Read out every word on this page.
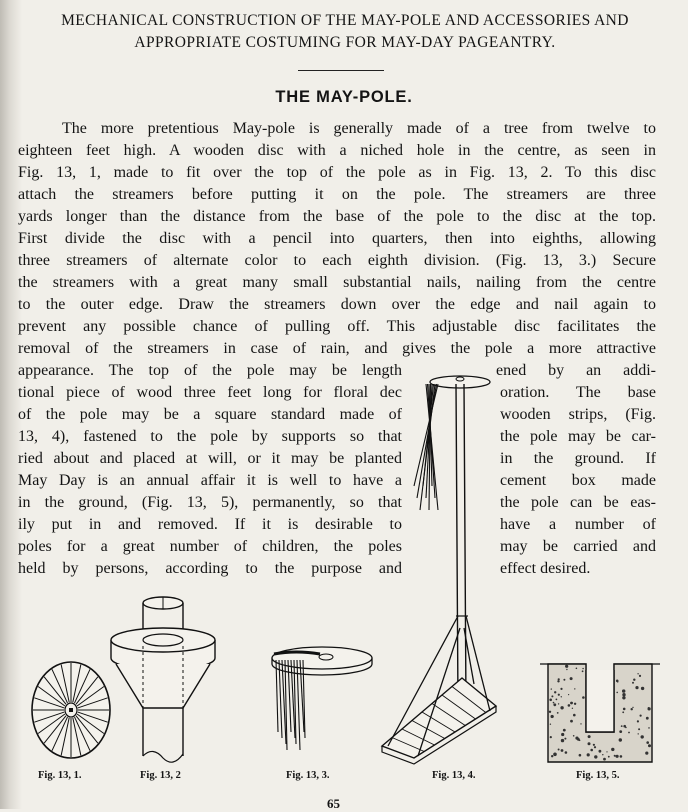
MECHANICAL CONSTRUCTION OF THE MAY-POLE AND ACCESSORIES AND
APPROPRIATE COSTUMING FOR MAY-DAY PAGEANTRY.
THE MAY-POLE.
The more pretentious May-pole is generally made of a tree from twelve to
eighteen feet high. A wooden disc with a niched hole in the centre, as seen in
Fig. 13, 1, made to fit over the top of the pole as in Fig. 13, 2. To this disc
attach the streamers before putting it on the pole. The streamers are three
yards longer than the distance from the base of the pole to the disc at the top.
First divide the disc with a pencil into quarters, then into eighths, allowing
three streamers of alternate color to each eighth division. (Fig. 13, 3.) Secure
the streamers with a great many small substantial nails, nailing from the centre
to the outer edge. Draw the streamers down over the edge and nail again to
prevent any possible chance of pulling off. This adjustable disc facilitates the
removal of the streamers in case of rain, and gives the pole a more attractive
appearance. The top of the pole may be length
tional piece of wood three feet long for floral dec
of the pole may be a square standard made of
13, 4), fastened to the pole by supports so that
ried about and placed at will, or it may be planted
May Day is an annual affair it is well to have a
in the ground, (Fig. 13, 5), permanently, so that
ily put in and removed. If it is desirable to
poles for a great number of children, the poles
held by persons, according to the purpose and
ened by an addi-
oration. The base
wooden strips, (Fig.
the pole may be car-
in the ground. If
cement box made
the pole can be eas-
have a number of
may be carried and
effect desired.
Fig. 13, 1.	Fig. 13, 2	Fig. 13, 3.	Fig. 13, 4.	Fig. 13, 5.
65
